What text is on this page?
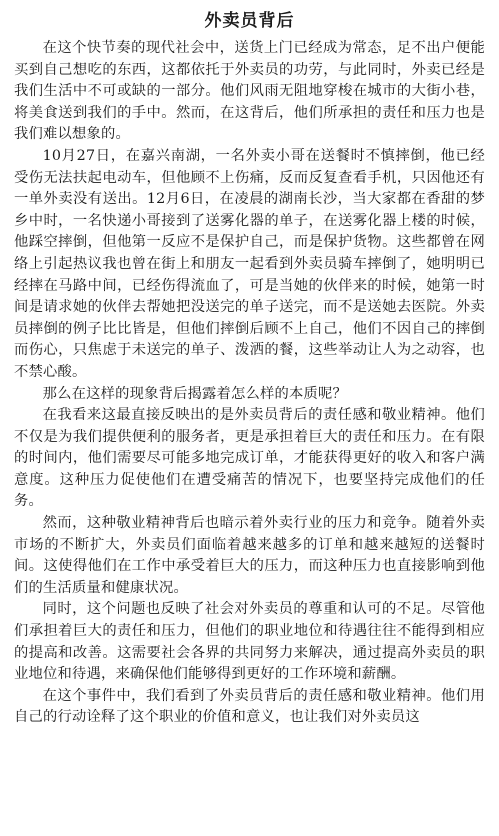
外卖员背后

在这个快节奏的现代社会中，送货上门已经成为常态，足不出户便能买到自己想吃的东西，这都依托于外卖员的功劳，与此同时，外卖已经是我们生活中不可或缺的一部分。他们风雨无阻地穿梭在城市的大街小巷，将美食送到我们的手中。然而，在这背后，他们所承担的责任和压力也是我们难以想象的。

10月27日，在嘉兴南湖，一名外卖小哥在送餐时不慎摔倒，他已经受伤无法扶起电动车，但他顾不上伤痛，反而反复查看手机，只因他还有一单外卖没有送出。12月6日，在凌晨的湖南长沙，当大家都在香甜的梦乡中时，一名快递小哥接到了送雾化器的单子，在送雾化器上楼的时候，他踩空摔倒，但他第一反应不是保护自己，而是保护货物。这些都曾在网络上引起热议我也曾在街上和朋友一起看到外卖员骑车摔倒了，她明明已经摔在马路中间，已经伤得流血了，可是当她的伙伴来的时候，她第一时间是请求她的伙伴去帮她把没送完的单子送完，而不是送她去医院。外卖员摔倒的例子比比皆是，但他们摔倒后顾不上自己，他们不因自己的摔倒而伤心，只焦虑于未送完的单子、泼洒的餐，这些举动让人为之动容，也不禁心酸。

那么在这样的现象背后揭露着怎么样的本质呢？

在我看来这最直接反映出的是外卖员背后的责任感和敬业精神。他们不仅是为我们提供便利的服务者，更是承担着巨大的责任和压力。在有限的时间内，他们需要尽可能多地完成订单，才能获得更好的收入和客户满意度。这种压力促使他们在遭受痛苦的情况下，也要坚持完成他们的任务。

然而，这种敬业精神背后也暗示着外卖行业的压力和竞争。随着外卖市场的不断扩大，外卖员们面临着越来越多的订单和越来越短的送餐时间。这使得他们在工作中承受着巨大的压力，而这种压力也直接影响到他们的生活质量和健康状况。

同时，这个问题也反映了社会对外卖员的尊重和认可的不足。尽管他们承担着巨大的责任和压力，但他们的职业地位和待遇往往不能得到相应的提高和改善。这需要社会各界的共同努力来解决，通过提高外卖员的职业地位和待遇，来确保他们能够得到更好的工作环境和薪酬。

在这个事件中，我们看到了外卖员背后的责任感和敬业精神。他们用自己的行动诠释了这个职业的价值和意义，也让我们对外卖员这
